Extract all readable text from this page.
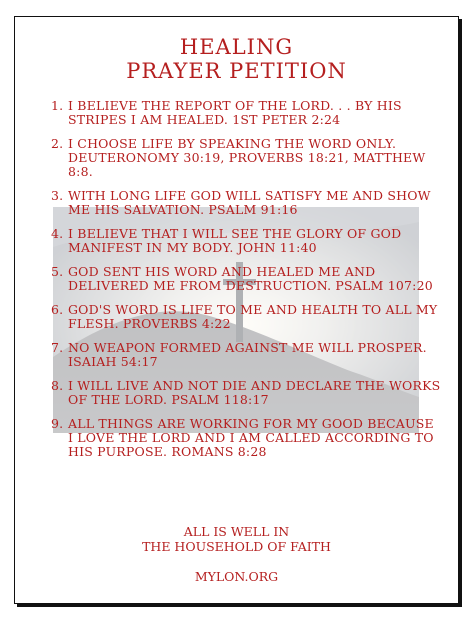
HEALING
PRAYER PETITION
1. I BELIEVE THE REPORT OF THE LORD. . . BY HIS STRIPES I AM HEALED. 1ST PETER 2:24
2. I CHOOSE LIFE BY SPEAKING THE WORD ONLY. DEUTERONOMY 30:19, PROVERBS 18:21, MATTHEW 8:8.
3. WITH LONG LIFE GOD WILL SATISFY ME AND SHOW ME HIS SALVATION. PSALM 91:16
4. I BELIEVE THAT I WILL SEE THE GLORY OF GOD MANIFEST IN MY BODY. JOHN 11:40
5. GOD SENT HIS WORD AND HEALED ME AND DELIVERED ME FROM DESTRUCTION. PSALM 107:20
6. GOD'S WORD IS LIFE TO ME AND HEALTH TO ALL MY FLESH. PROVERBS 4:22
7. NO WEAPON FORMED AGAINST ME WILL PROSPER. ISAIAH 54:17
8. I WILL LIVE AND NOT DIE AND DECLARE THE WORKS OF THE LORD. PSALM 118:17
9. ALL THINGS ARE WORKING FOR MY GOOD BECAUSE I LOVE THE LORD AND I AM CALLED ACCORDING TO HIS PURPOSE. ROMANS 8:28
ALL IS WELL IN
THE HOUSEHOLD OF FAITH
MYLON.ORG
